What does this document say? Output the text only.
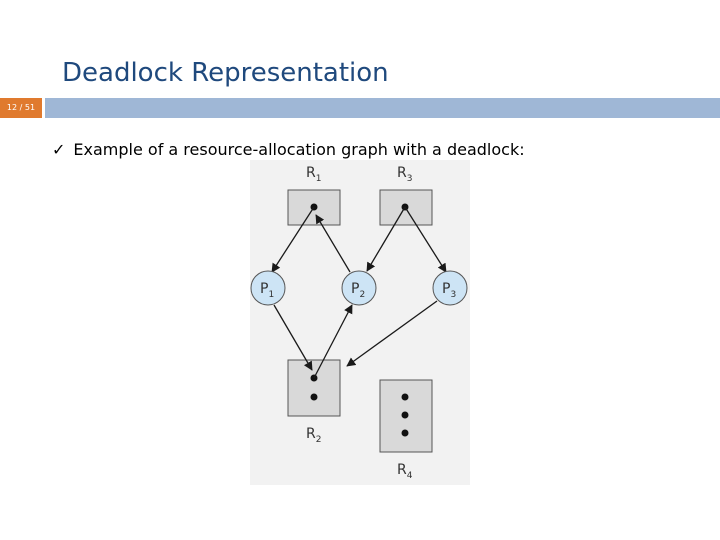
Deadlock Representation
12 / 51
✓ Example of a resource-allocation graph with a deadlock:
$R_1$	$R_3$
$R_2$
$R_4$
$P_1$	$P_2$	$P_3$
